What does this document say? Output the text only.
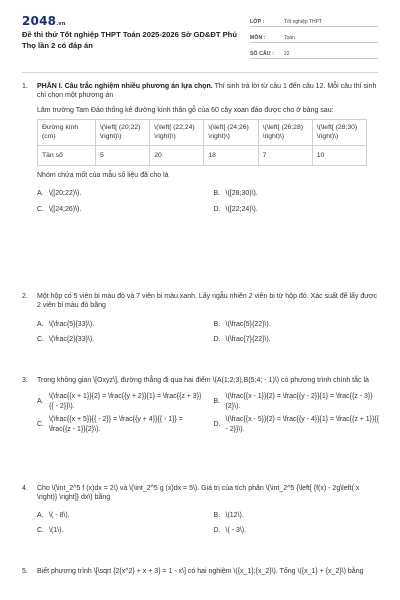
2048.vn
Đề thi thử Tốt nghiệp THPT Toán 2025-2026 Sở GD&ĐT Phú Thọ lần 2 có đáp án
LỚP :	Tốt nghiệp THPT
MÔN :	Toán
SỐ CÂU :	22
1.	PHẦN I. Câu trắc nghiệm nhiều phương án lựa chọn. Thí sinh trả lời từ câu 1 đến câu 12. Mỗi câu thí sinh chỉ chọn một phương án
Lâm trường Tam Đảo thống kê đường kính thân gỗ của 60 cây xoan đào được cho ở bảng sau:
Đường kính (cm)	\(\left[ (20;22) \right)\)	\(\left[ (22;24) \right)\)	\(\left[ (24;26) \right)\)	\(\left[ (26;28) \right)\)	\(\left[ (28;30) \right)\)
Tần số	5	20	18	7	10
Nhóm chứa mốt của mẫu số liệu đã cho là
A. \([20;22)\).	B. \([28;30)\).
C. \([24;26)\).	D. \([22;24)\).
2.	Một hộp có 5 viên bi màu đỏ và 7 viên bi màu xanh. Lấy ngẫu nhiên 2 viên bi từ hộp đó. Xác suất để lấy được 2 viên bi màu đỏ bằng
A. \(\frac{5}{33}\).	B. \(\frac{5}{22}\).
C. \(\frac{2}{33}\).	D. \(\frac{7}{22}\).
3.	Trong không gian \[Oxyz\], đường thẳng đi qua hai điểm \(A(1;2;3),B(5;4; - 1)\) có phương trình chính tắc là
A.
\(\frac{{x + 1}}{2} = \frac{{y + 2}}{1} = \frac{{z + 3}}{{ - 2}}\).
B.
\(\frac{{x - 1}}{2} = \frac{{y - 2}}{1} = \frac{{z - 3}}{2}\).
C.
\(\frac{{x + 5}}{{ - 2}} = \frac{{y + 4}}{{ - 1}} = \frac{{z - 1}}{2}\).
D.
\(\frac{{x - 5}}{2} = \frac{{y - 4}}{1} = \frac{{z + 1}}{{ - 2}}\).
4.	Cho \(\int_2^5 f (x)dx = 2\) và \(\int_2^5 g (x)dx = 5\). Giá trị của tích phân \(\int_2^5 {\left[ {f(x) - 2g\left( x \right)} \right]} dx\) bằng
A. \( - 8\).	B. \(12\).
C. \(1\).	D. \( - 3\).
5.	Biết phương trình \[\sqrt {2{x^2} + x + 3} = 1 - x\] có hai nghiệm \({x_1};{x_2}\). Tổng \({x_1} + {x_2}\) bằng
